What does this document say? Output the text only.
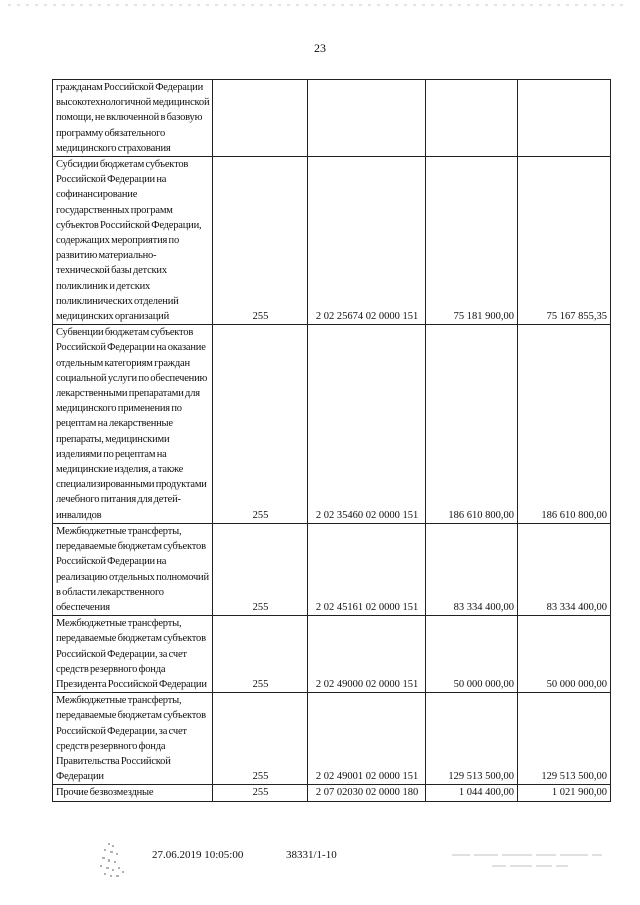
23
гражданам Российской Федерации высокотехнологичной медицинской помощи, не включенной в базовую программу обязательного медицинского страхования				
Субсидии бюджетам субъектов Российской Федерации на софинансирование государственных программ субъектов Российской Федерации, содержащих мероприятия по развитию материально-технической базы детских поликлиник и детских поликлинических отделений медицинских организаций	255	2 02 25674 02 0000 151	75 181 900,00	75 167 855,35
Субвенции бюджетам субъектов Российской Федерации на оказание отдельным категориям граждан социальной услуги по обеспечению лекарственными препаратами для медицинского применения по рецептам на лекарственные препараты, медицинскими изделиями по рецептам на медицинские изделия, а также специализированными продуктами лечебного питания для детей-инвалидов	255	2 02 35460 02 0000 151	186 610 800,00	186 610 800,00
Межбюджетные трансферты, передаваемые бюджетам субъектов Российской Федерации на реализацию отдельных полномочий в области лекарственного обеспечения	255	2 02 45161 02 0000 151	83 334 400,00	83 334 400,00
Межбюджетные трансферты, передаваемые бюджетам субъектов Российской Федерации, за счет средств резервного фонда Президента Российской Федерации	255	2 02 49000 02 0000 151	50 000 000,00	50 000 000,00
Межбюджетные трансферты, передаваемые бюджетам субъектов Российской Федерации, за счет средств резервного фонда Правительства Российской Федерации	255	2 02 49001 02 0000 151	129 513 500,00	129 513 500,00
Прочие безвозмездные	255	2 07 02030 02 0000 180	1 044 400,00	1 021 900,00
27.06.2019 10:05:00	38331/1-10
